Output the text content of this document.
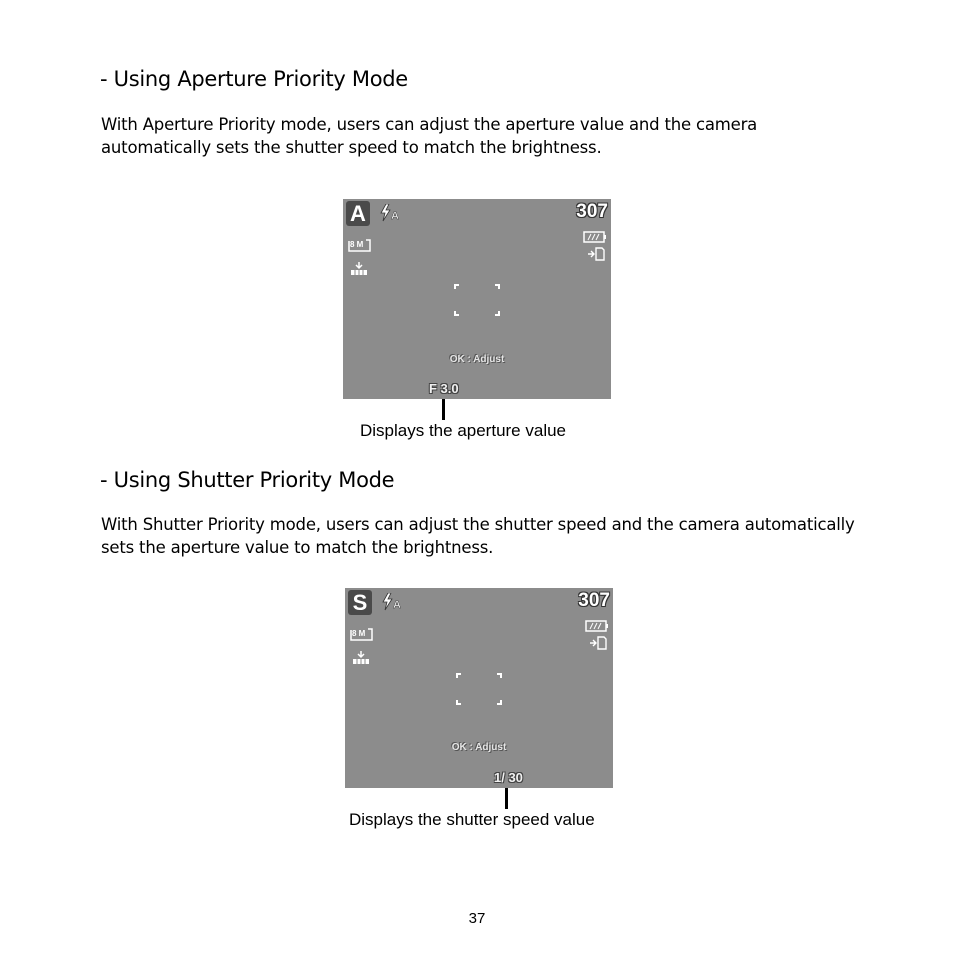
- Using Aperture Priority Mode
With Aperture Priority mode, users can adjust the aperture value and the camera
automatically sets the shutter speed to match the brightness.
A	A	307
8 M
OK : Adjust
F 3.0
Displays the aperture value
- Using Shutter Priority Mode
With Shutter Priority mode, users can adjust the shutter speed and the camera automatically
sets the aperture value to match the brightness.
S	A	307
8 M
OK : Adjust
1/ 30
Displays the shutter speed value
37
